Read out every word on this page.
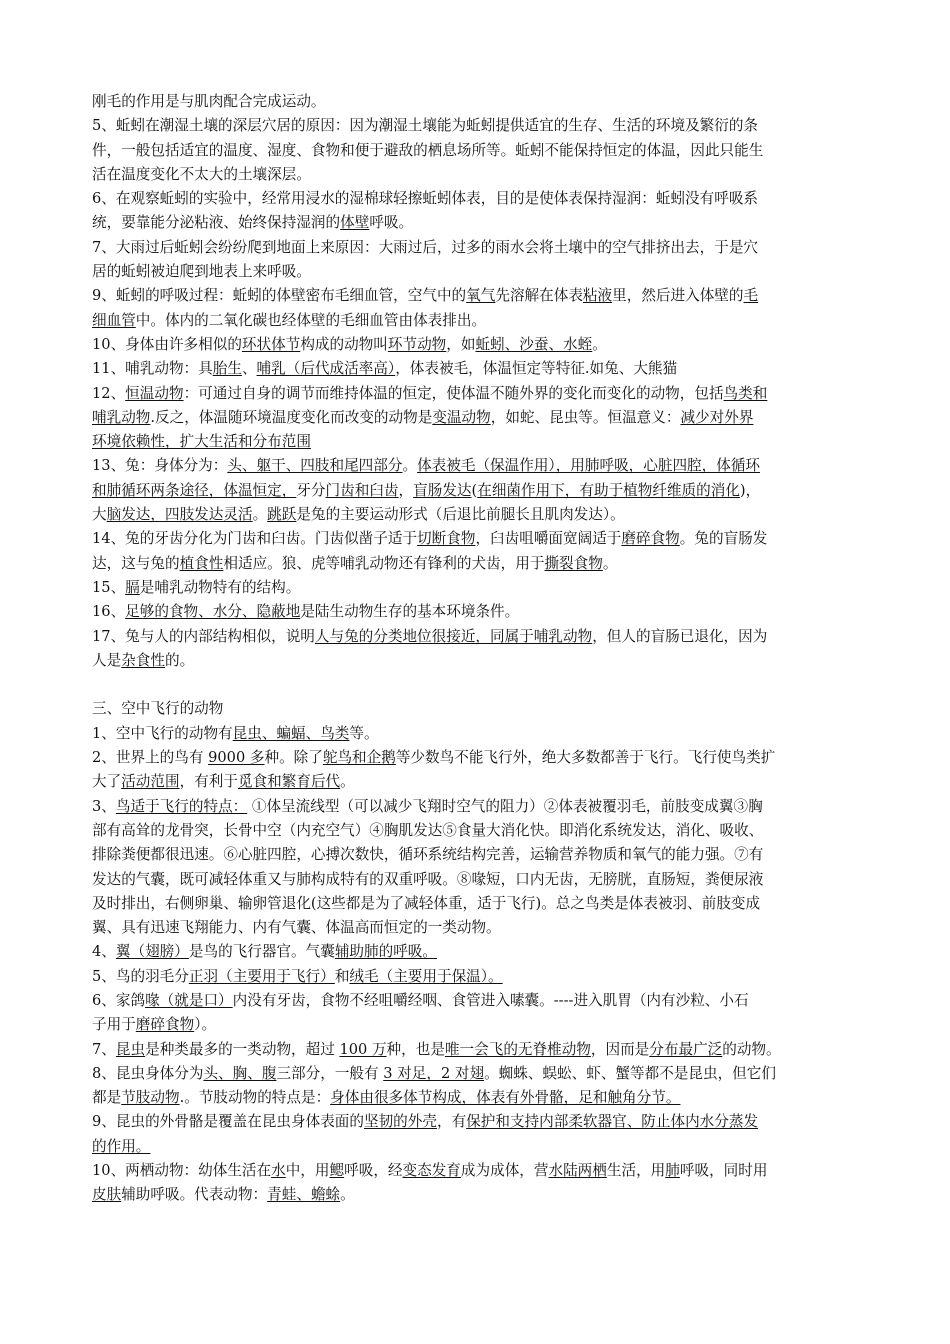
刚毛的作用是与肌肉配合完成运动。
5、蚯蚓在潮湿土壤的深层穴居的原因：因为潮湿土壤能为蚯蚓提供适宜的生存、生活的环境及繁衍的条
件，一般包括适宜的温度、湿度、食物和便于避敌的栖息场所等。蚯蚓不能保持恒定的体温，因此只能生
活在温度变化不太大的土壤深层。
6、在观察蚯蚓的实验中，经常用浸水的湿棉球轻擦蚯蚓体表，目的是使体表保持湿润：蚯蚓没有呼吸系
统，要靠能分泌粘液、始终保持湿润的体壁呼吸。
7、大雨过后蚯蚓会纷纷爬到地面上来原因：大雨过后，过多的雨水会将土壤中的空气排挤出去，于是穴
居的蚯蚓被迫爬到地表上来呼吸。
9、蚯蚓的呼吸过程：蚯蚓的体壁密布毛细血管，空气中的氧气先溶解在体表粘液里，然后进入体壁的毛
细血管中。体内的二氧化碳也经体壁的毛细血管由体表排出。
10、身体由许多相似的环状体节构成的动物叫环节动物，如蚯蚓、沙蚕、水蛭。
11、哺乳动物：具胎生、哺乳（后代成活率高），体表被毛，体温恒定等特征.如兔、大熊猫
12、恒温动物：可通过自身的调节而维持体温的恒定，使体温不随外界的变化而变化的动物，包括鸟类和
哺乳动物.反之，体温随环境温度变化而改变的动物是变温动物，如蛇、昆虫等。恒温意义：减少对外界
环境依赖性，扩大生活和分布范围
13、兔：身体分为：头、躯干、四肢和尾四部分。体表被毛（保温作用），用肺呼吸，心脏四腔，体循环
和肺循环两条途径，体温恒定，牙分门齿和臼齿，盲肠发达(在细菌作用下，有助于植物纤维质的消化)，
大脑发达，四肢发达灵活。跳跃是兔的主要运动形式（后退比前腿长且肌肉发达）。
14、兔的牙齿分化为门齿和臼齿。门齿似凿子适于切断食物，臼齿咀嚼面宽阔适于磨碎食物。兔的盲肠发
达，这与兔的植食性相适应。狼、虎等哺乳动物还有锋利的犬齿，用于撕裂食物。
15、膈是哺乳动物特有的结构。
16、足够的食物、水分、隐蔽地是陆生动物生存的基本环境条件。
17、兔与人的内部结构相似，说明人与兔的分类地位很接近，同属于哺乳动物，但人的盲肠已退化，因为
人是杂食性的。
三、空中飞行的动物
1、空中飞行的动物有昆虫、蝙蝠、鸟类等。
2、世界上的鸟有 9000 多种。除了鸵鸟和企鹅等少数鸟不能飞行外，绝大多数都善于飞行。飞行使鸟类扩
大了活动范围，有利于觅食和繁育后代。
3、鸟适于飞行的特点： ①体呈流线型（可以减少飞翔时空气的阻力）②体表被覆羽毛，前肢变成翼③胸
部有高耸的龙骨突，长骨中空（内充空气）④胸肌发达⑤食量大消化快。即消化系统发达，消化、吸收、
排除粪便都很迅速。⑥心脏四腔，心搏次数快，循环系统结构完善，运输营养物质和氧气的能力强。⑦有
发达的气囊，既可减轻体重又与肺构成特有的双重呼吸。⑧喙短，口内无齿，无膀胱，直肠短，粪便尿液
及时排出，右侧卵巢、输卵管退化(这些都是为了减轻体重，适于飞行)。总之鸟类是体表被羽、前肢变成
翼、具有迅速飞翔能力、内有气囊、体温高而恒定的一类动物。
4、翼（翅膀）是鸟的飞行器官。气囊辅助肺的呼吸。
5、鸟的羽毛分正羽（主要用于飞行）和绒毛（主要用于保温）。
6、家鸽喙（就是口）内没有牙齿，食物不经咀嚼经咽、食管进入嗉囊。----进入肌胃（内有沙粒、小石
子用于磨碎食物）。
7、昆虫是种类最多的一类动物，超过 100 万种，也是唯一会飞的无脊椎动物，因而是分布最广泛的动物。
8、昆虫身体分为头、胸、腹三部分，一般有 3 对足，2 对翅。蜘蛛、蜈蚣、虾、蟹等都不是昆虫，但它们
都是节肢动物.。节肢动物的特点是：身体由很多体节构成，体表有外骨骼，足和触角分节。
9、昆虫的外骨骼是覆盖在昆虫身体表面的坚韧的外壳，有保护和支持内部柔软器官、防止体内水分蒸发
的作用。
10、两栖动物：幼体生活在水中，用鳃呼吸，经变态发育成为成体，营水陆两栖生活，用肺呼吸，同时用
皮肤辅助呼吸。代表动物：青蛙、蟾蜍。
